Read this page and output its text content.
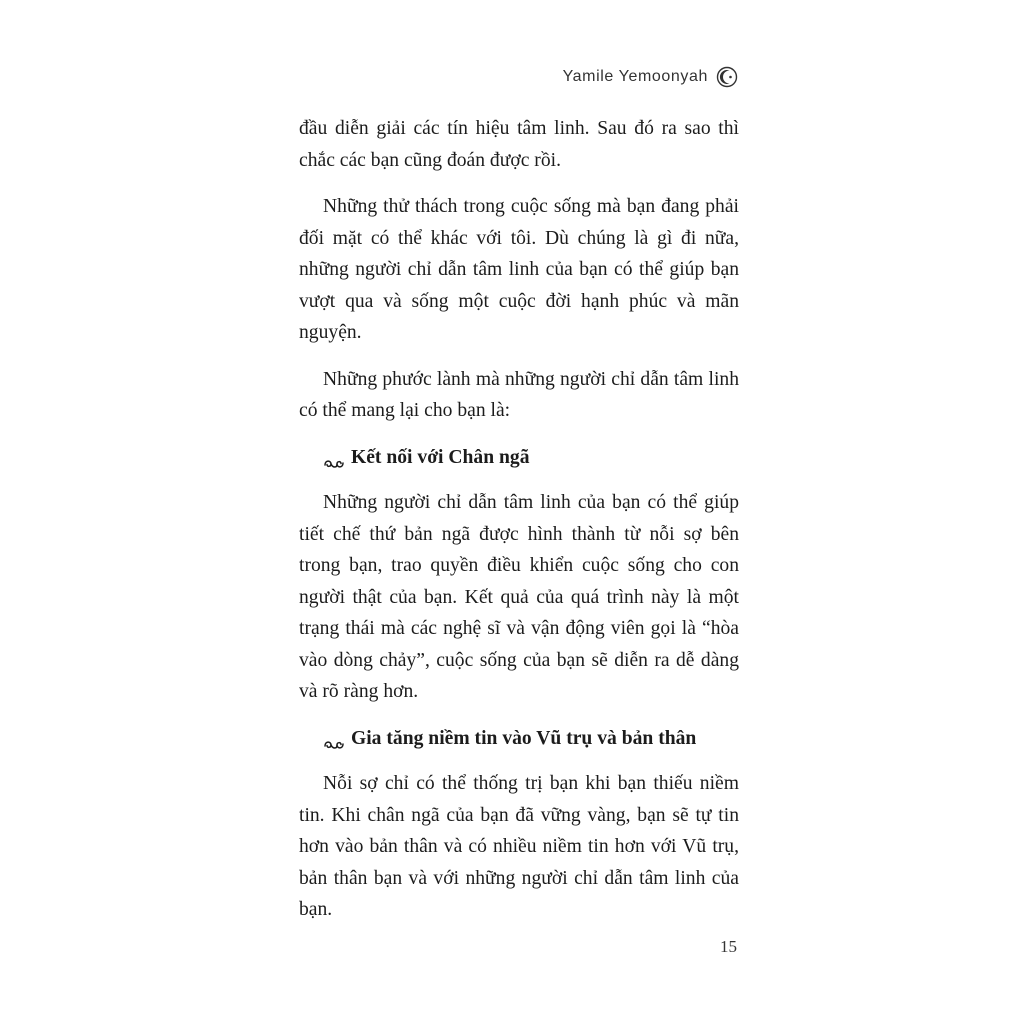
Yamile Yemoonyah

đầu diễn giải các tín hiệu tâm linh. Sau đó ra sao thì chắc các bạn cũng đoán được rồi.

Những thử thách trong cuộc sống mà bạn đang phải đối mặt có thể khác với tôi. Dù chúng là gì đi nữa, những người chỉ dẫn tâm linh của bạn có thể giúp bạn vượt qua và sống một cuộc đời hạnh phúc và mãn nguyện.

Những phước lành mà những người chỉ dẫn tâm linh có thể mang lại cho bạn là:

Kết nối với Chân ngã

Những người chỉ dẫn tâm linh của bạn có thể giúp tiết chế thứ bản ngã được hình thành từ nỗi sợ bên trong bạn, trao quyền điều khiển cuộc sống cho con người thật của bạn. Kết quả của quá trình này là một trạng thái mà các nghệ sĩ và vận động viên gọi là “hòa vào dòng chảy”, cuộc sống của bạn sẽ diễn ra dễ dàng và rõ ràng hơn.

Gia tăng niềm tin vào Vũ trụ và bản thân

Nỗi sợ chỉ có thể thống trị bạn khi bạn thiếu niềm tin. Khi chân ngã của bạn đã vững vàng, bạn sẽ tự tin hơn vào bản thân và có nhiều niềm tin hơn với Vũ trụ, bản thân bạn và với những người chỉ dẫn tâm linh của bạn.

15
